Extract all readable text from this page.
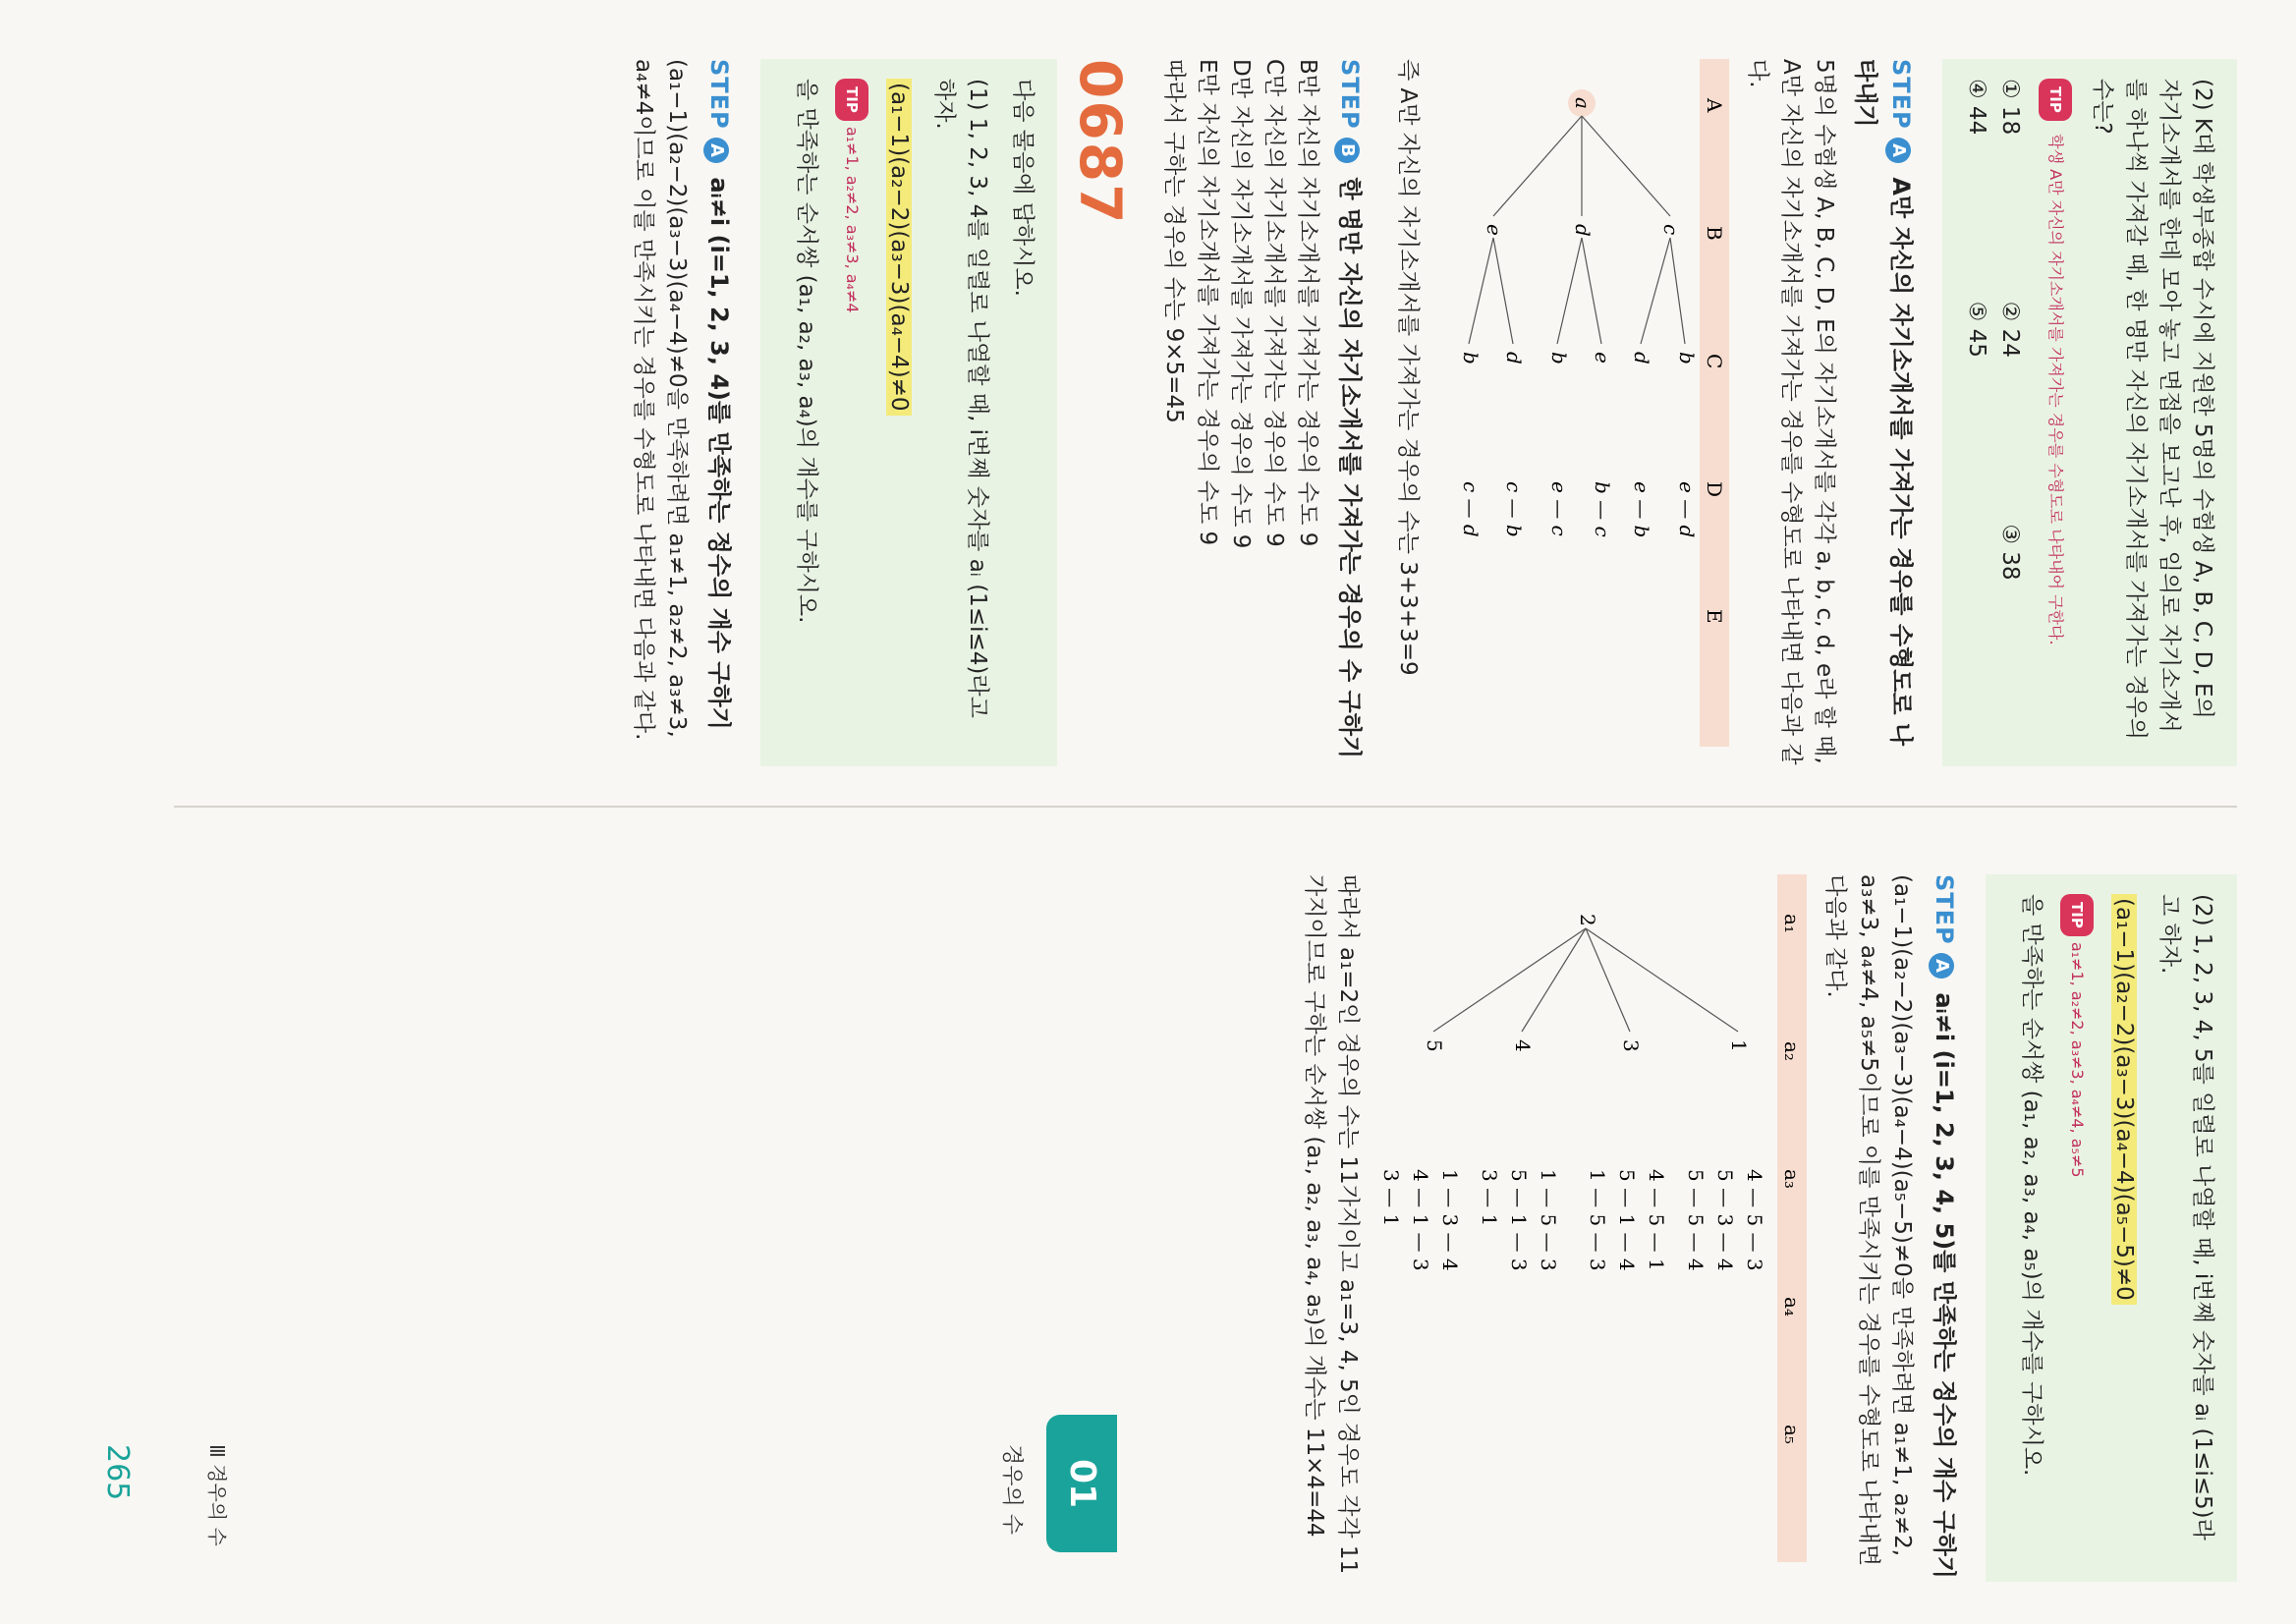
(2) K대 학생부종합 수시에 지원한 5명의 수험생 A, B, C, D, E의 자기소개서를 한데 모아 놓고 면접을 보고난 후, 임의로 자기소개서를 하나씩 가져갈 때, 한 명만 자신의 자기소개서를 가져가는 경우의 수는?

TIP 학생 A만 자신의 자기소개서를 가져가는 경우를 수형도로 나타내어 구한다.

① 18
② 24
③ 38
④ 44
⑤ 45
STEP A A만 자신의 자기소개서를 가져가는 경우를 수형도로 나타내기

5명의 수험생 A, B, C, D, E의 자기소개서를 각각 a, b, c, d, e라 할 때, A만 자신의 자기소개서를 가져가는 경우를 수형도로 나타내면 다음과 같다.

A
B
C
D
E
a
c
d
e
b
d
e
b
d
b
e — d
e — b
b — c
e — c
c — b
c — d

즉 A만 자신의 자기소개서를 가져가는 경우의 수는 3+3+3=9

STEP B 한 명만 자신의 자기소개서를 가져가는 경우의 수 구하기

B만 자신의 자기소개서를 가져가는 경우의 수도 9

C만 자신의 자기소개서를 가져가는 경우의 수도 9

D만 자신의 자기소개서를 가져가는 경우의 수도 9

E만 자신의 자기소개서를 가져가는 경우의 수도 9

따라서 구하는 경우의 수는 9×5=45

0687

다음 물음에 답하시오.

(1) 1, 2, 3, 4를 일렬로 나열할 때, i번째 숫자를 aᵢ (1≤i≤4)라고 하자.

(a₁−1)(a₂−2)(a₃−3)(a₄−4)≠0

TIPa₁≠1, a₂≠2, a₃≠3, a₄≠4

을 만족하는 순서쌍 (a₁, a₂, a₃, a₄)의 개수를 구하시오.

STEP A aᵢ≠i (i=1, 2, 3, 4)를 만족하는 정수의 개수 구하기

(a₁−1)(a₂−2)(a₃−3)(a₄−4)≠0을 만족하려면 a₁≠1, a₂≠2, a₃≠3, a₄≠4이므로 이를 만족시키는 경우를 수형도로 나타내면 다음과 같다.

(2) 1, 2, 3, 4, 5를 일렬로 나열할 때, i번째 숫자를 aᵢ (1≤i≤5)라고 하자.

(a₁−1)(a₂−2)(a₃−3)(a₄−4)(a₅−5)≠0

TIPa₁≠1, a₂≠2, a₃≠3, a₄≠4, a₅≠5

을 만족하는 순서쌍 (a₁, a₂, a₃, a₄, a₅)의 개수를 구하시오.

STEP A aᵢ≠i (i=1, 2, 3, 4, 5)를 만족하는 정수의 개수 구하기

(a₁−1)(a₂−2)(a₃−3)(a₄−4)(a₅−5)≠0을 만족하려면 a₁≠1, a₂≠2, a₃≠3, a₄≠4, a₅≠5이므로 이를 만족시키는 경우를 수형도로 나타내면 다음과 같다.

a₁
a₂
a₃
a₄
a₅
2
1
3
4
5
4 — 5 — 3
5 — 3 — 4
5 — 5 — 4
4 — 5 — 1
5 — 1 — 4
1 — 5 — 3
1 — 5 — 3
5 — 1 — 3
3 — 1
1 — 3 — 4
4 — 1 — 3
3 — 1

따라서 a₁=2인 경우의 수는 11가지이고 a₁=3, 4, 5인 경우도 각각 11가지이므로 구하는 순서쌍 (a₁, a₂, a₃, a₄, a₅)의 개수는 11×4=44

01
경우의 수
Ⅲ 경우의 수
265
